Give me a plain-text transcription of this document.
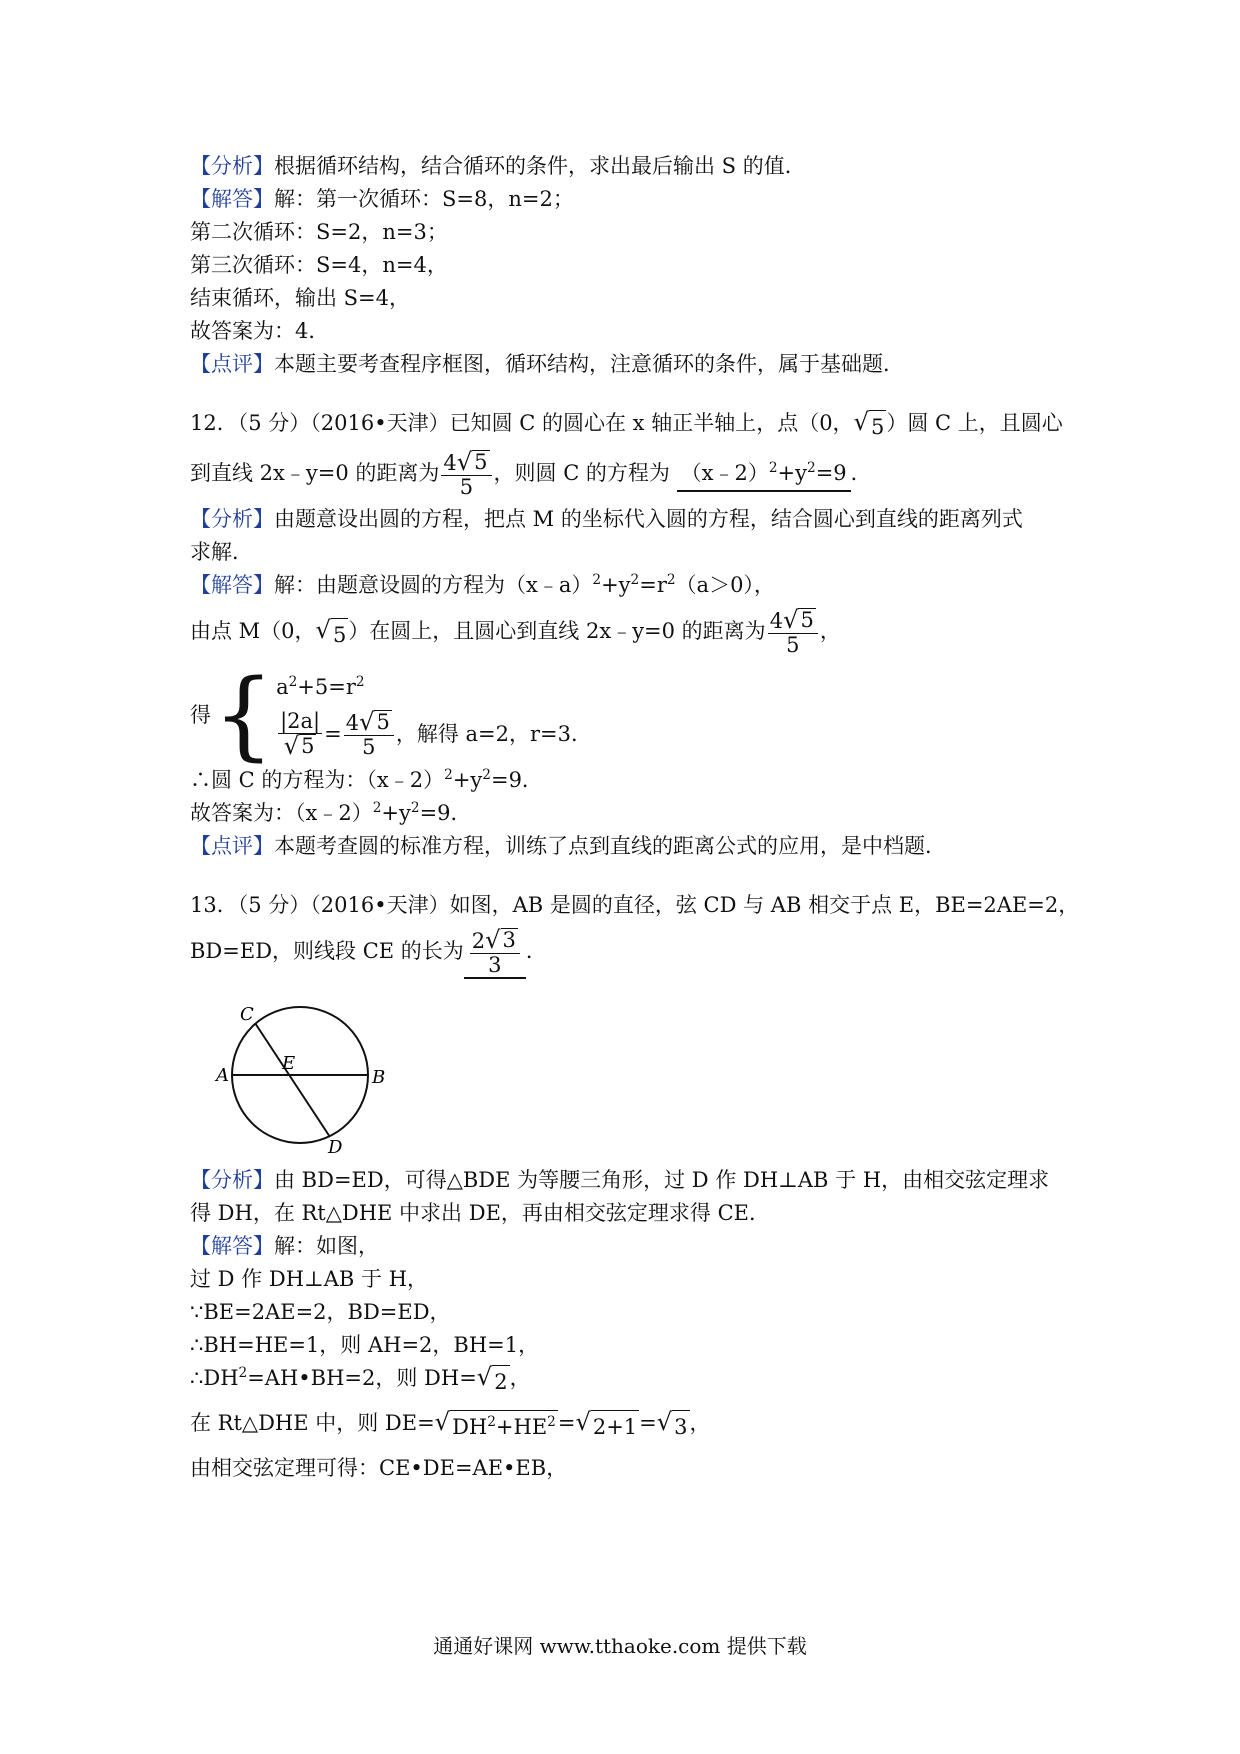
【分析】根据循环结构，结合循环的条件，求出最后输出 S 的值．
【解答】解：第一次循环：S=8，n=2；
第二次循环：S=2，n=3；
第三次循环：S=4，n=4，
结束循环，输出 S=4，
故答案为：4．
【点评】本题主要考查程序框图，循环结构，注意循环的条件，属于基础题．
12．（5 分）（2016•天津）已知圆 C 的圆心在 x 轴正半轴上，点（0， √ 5 ）圆 C 上，且圆心
到直线 2x﹣y=0 的距离为 $\frac{4 √ 5}{5}$ ，则圆 C 的方程为 $(x﹣2)^2+y^2=9$ ．
【分析】由题意设出圆的方程，把点 M 的坐标代入圆的方程，结合圆心到直线的距离列式
求解．
【解答】解：由题意设圆的方程为$(x﹣a)^2+y^2=r^2(a>0)$，
由点 M（0， √ 5 ）在圆上，且圆心到直线 2x﹣y=0 的距离为 $\frac{4 √ 5}{5}$ ，
得 { $a^2+5=r^2$
$\frac{|2a|}{√ 5} = \frac{4 √ 5}{5}$ ，解得 a=2，r=3．
∴圆 C 的方程为：$(x﹣2)^2+y^2=9$．
故答案为：$(x﹣2)^2+y^2=9$．
【点评】本题考查圆的标准方程，训练了点到直线的距离公式的应用，是中档题．
13．（5 分）（2016•天津）如图，AB 是圆的直径，弦 CD 与 AB 相交于点 E，BE=2AE=2，
BD=ED，则线段 CE 的长为 $\frac{2 √ 3}{3}$ ．
C
A
E
B
D
【分析】由 BD=ED，可得△BDE 为等腰三角形，过 D 作 DH⊥AB 于 H，由相交弦定理求
得 DH，在 Rt△DHE 中求出 DE，再由相交弦定理求得 CE．
【解答】解：如图，
过 D 作 DH⊥AB 于 H，
∵BE=2AE=2，BD=ED，
∴BH=HE=1，则 AH=2，BH=1，
$\therefore DH^2=AH•BH=2$，则 DH= √ 2 ，
在 Rt△DHE 中，则 DE= √ $DH^2+HE^2$ = √ 2+1 = √ 3 ，
由相交弦定理可得：CE•DE=AE•EB，
通通好课网 www.tthaoke.com 提供下载
